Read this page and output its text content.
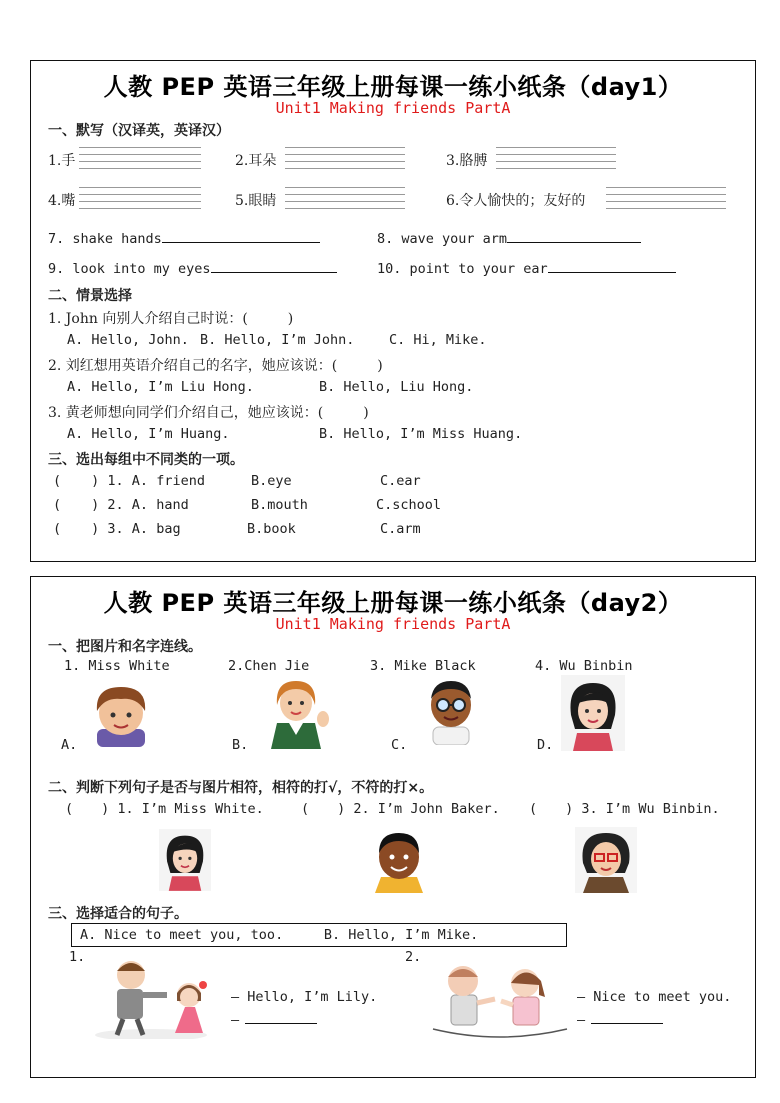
人教 PEP 英语三年级上册每课一练小纸条（day1）
Unit1 Making friends PartA
一、默写（汉译英，英译汉）
1.手	2.耳朵	3.胳膊
4.嘴	5.眼睛	6.令人愉快的；友好的
7. shake hands	8. wave your arm
9. look into my eyes	10. point to your ear
二、情景选择
1. John 向别人介绍自己时说：(	)
A. Hello, John. B. Hello, I’m John.	C. Hi, Mike.
2. 刘红想用英语介绍自己的名字，她应该说：(	)
A. Hello, I’m Liu Hong.	B. Hello, Liu Hong.
3. 黄老师想向同学们介绍自己，她应该说：(	)
A. Hello, I’m Huang.	B. Hello, I’m Miss Huang.
三、选出每组中不同类的一项。
( ) 1. A. friend	B.eye	C.ear
( ) 2. A. hand	B.mouth	C.school
( ) 3. A. bag	B.book	C.arm
人教 PEP 英语三年级上册每课一练小纸条（day2）
Unit1 Making friends PartA
一、把图片和名字连线。
1. Miss White	2.Chen Jie	3. Mike Black	4. Wu Binbin
A.	B.	C.	D.
二、判断下列句子是否与图片相符，相符的打√，不符的打×。
( ) 1. I’m Miss White.	( ) 2. I’m John Baker. ( ) 3. I’m Wu Binbin.
三、选择适合的句子。
A. Nice to meet you, too.     B. Hello, I’m Mike.
1.
— Hello, I’m Lily.
—
2.
— Nice to meet you.
—
